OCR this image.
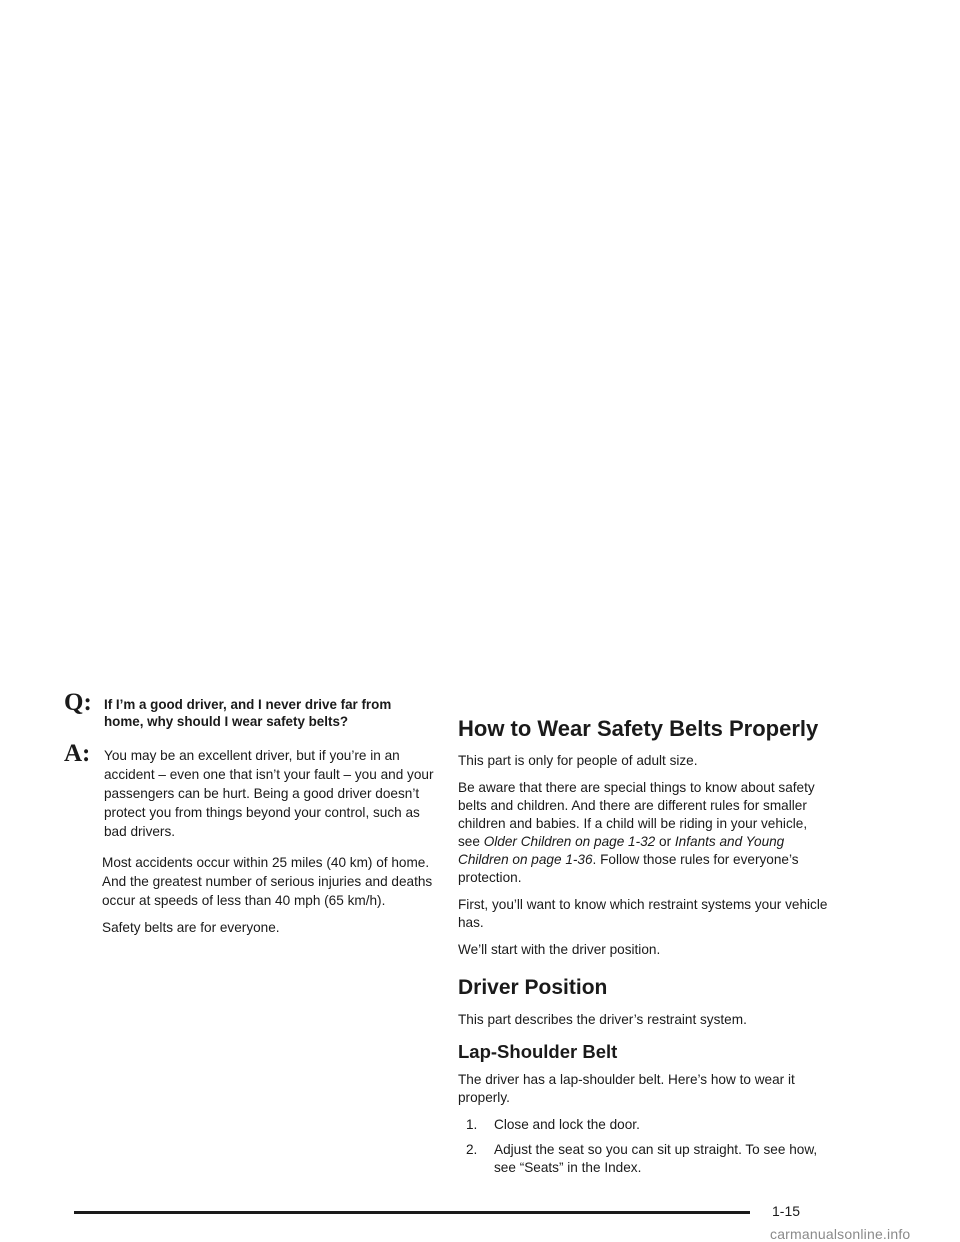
Q: If I’m a good driver, and I never drive far from home, why should I wear safety belts?

A: You may be an excellent driver, but if you’re in an accident – even one that isn’t your fault – you and your passengers can be hurt. Being a good driver doesn’t protect you from things beyond your control, such as bad drivers.

Most accidents occur within 25 miles (40 km) of home. And the greatest number of serious injuries and deaths occur at speeds of less than 40 mph (65 km/h).

Safety belts are for everyone.

How to Wear Safety Belts Properly

This part is only for people of adult size.

Be aware that there are special things to know about safety belts and children. And there are different rules for smaller children and babies. If a child will be riding in your vehicle, see Older Children on page 1-32 or Infants and Young Children on page 1-36. Follow those rules for everyone’s protection.

First, you’ll want to know which restraint systems your vehicle has.

We’ll start with the driver position.

Driver Position

This part describes the driver’s restraint system.

Lap-Shoulder Belt

The driver has a lap-shoulder belt. Here’s how to wear it properly.

1. Close and lock the door.
2. Adjust the seat so you can sit up straight. To see how, see “Seats” in the Index.
1-15
carmanualsonline.info
